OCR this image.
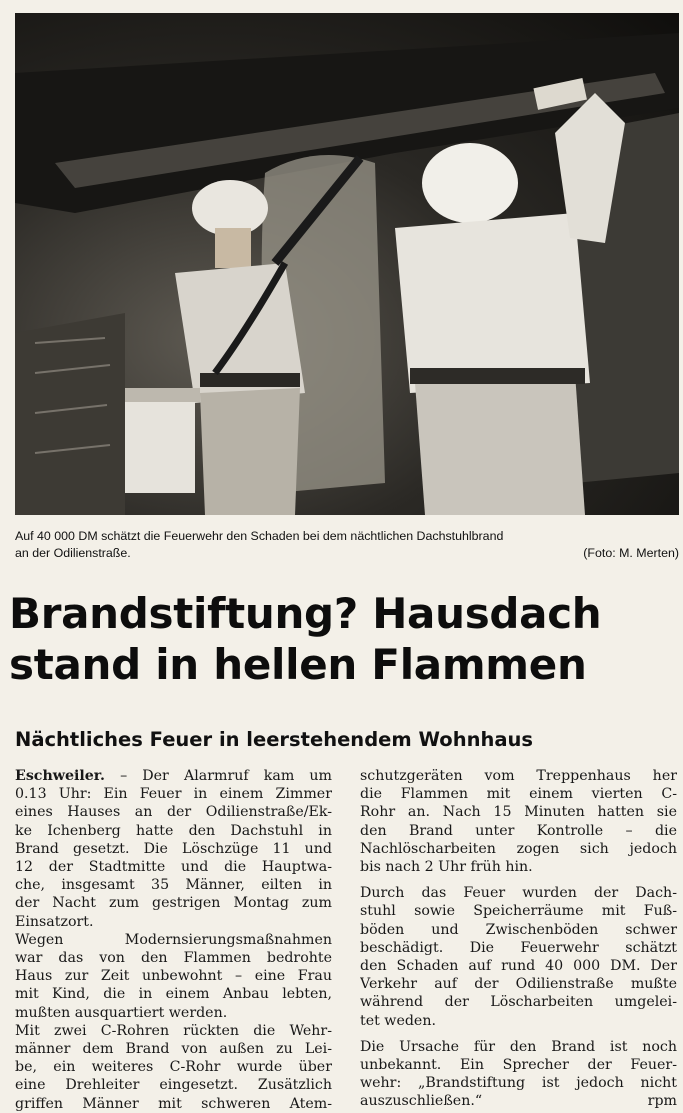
Auf 40 000 DM schätzt die Feuerwehr den Schaden bei dem nächtlichen Dachstuhlbrand
an der Odilienstraße.	(Foto: M. Merten)
Brandstiftung? Hausdach
stand in hellen Flammen
Nächtliches Feuer in leerstehendem Wohnhaus

Eschweiler. – Der Alarmruf kam um

0.13 Uhr: Ein Feuer in einem Zimmer
eines Hauses an der Odilienstraße/Ek-
ke Ichenberg hatte den Dachstuhl in
Brand gesetzt. Die Löschzüge 11 und
12 der Stadtmitte und die Hauptwa-
che, insgesamt 35 Männer, eilten in
der Nacht zum gestrigen Montag zum
Einsatzort.
Wegen Modernsierungsmaßnahmen
war das von den Flammen bedrohte
Haus zur Zeit unbewohnt – eine Frau
mit Kind, die in einem Anbau lebten,
mußten ausquartiert werden.
Mit zwei C-Rohren rückten die Wehr-
männer dem Brand von außen zu Lei-
be, ein weiteres C-Rohr wurde über
eine Drehleiter eingesetzt. Zusätzlich
griffen Männer mit schweren Atem-
schutzgeräten vom Treppenhaus her
die Flammen mit einem vierten C-
Rohr an. Nach 15 Minuten hatten sie
den Brand unter Kontrolle – die
Nachlöscharbeiten zogen sich jedoch
bis nach 2 Uhr früh hin.
Durch das Feuer wurden der Dach-
stuhl sowie Speicherräume mit Fuß-
böden und Zwischenböden schwer
beschädigt. Die Feuerwehr schätzt
den Schaden auf rund 40 000 DM. Der
Verkehr auf der Odilienstraße mußte
während der Löscharbeiten umgelei-
tet weden.
Die Ursache für den Brand ist noch
unbekannt. Ein Sprecher der Feuer-
wehr: „Brandstiftung ist jedoch nicht
auszuschließen.“	rpm
